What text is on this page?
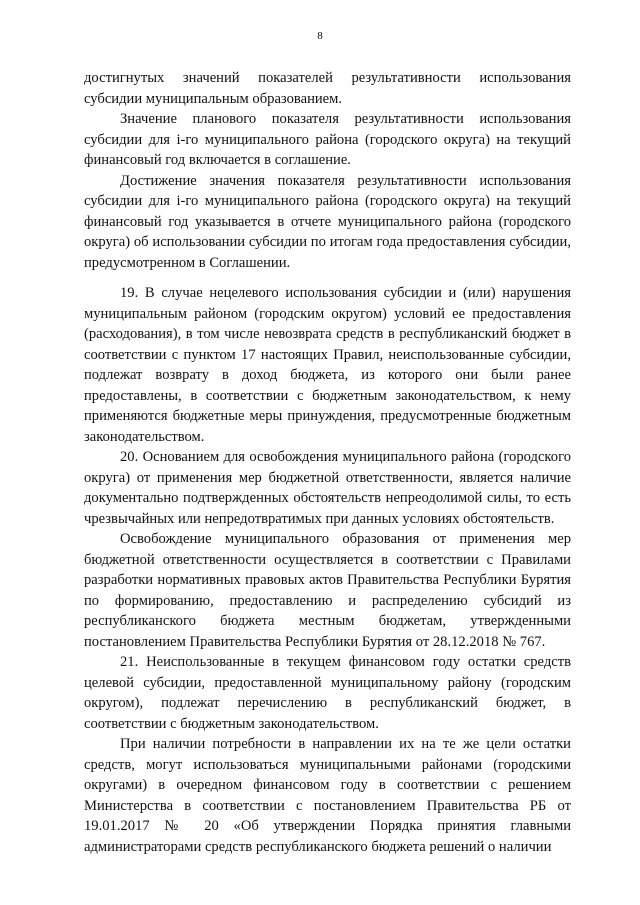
8

достигнутых значений показателей результативности использования субсидии муниципальным образованием.

Значение планового показателя результативности использования субсидии для i-го муниципального района (городского округа) на текущий финансовый год включается в соглашение.

Достижение значения показателя результативности использования субсидии для i-го муниципального района (городского округа) на текущий финансовый год указывается в отчете муниципального района (городского округа) об использовании субсидии по итогам года предоставления субсидии, предусмотренном в Соглашении.

19. В случае нецелевого использования субсидии и (или) нарушения муниципальным районом (городским округом) условий ее предоставления (расходования), в том числе невозврата средств в республиканский бюджет в соответствии с пунктом 17 настоящих Правил, неиспользованные субсидии, подлежат возврату в доход бюджета, из которого они были ранее предоставлены, в соответствии с бюджетным законодательством, к нему применяются бюджетные меры принуждения, предусмотренные бюджетным законодательством.

20. Основанием для освобождения муниципального района (городского округа) от применения мер бюджетной ответственности, является наличие документально подтвержденных обстоятельств непреодолимой силы, то есть чрезвычайных или непредотвратимых при данных условиях обстоятельств.

Освобождение муниципального образования от применения мер бюджетной ответственности осуществляется в соответствии с Правилами разработки нормативных правовых актов Правительства Республики Бурятия по формированию, предоставлению и распределению субсидий из республиканского бюджета местным бюджетам, утвержденными постановлением Правительства Республики Бурятия от 28.12.2018 № 767.

21. Неиспользованные в текущем финансовом году остатки средств целевой субсидии, предоставленной муниципальному району (городским округом), подлежат перечислению в республиканский бюджет, в соответствии с бюджетным законодательством.

При наличии потребности в направлении их на те же цели остатки средств, могут использоваться муниципальными районами (городскими округами) в очередном финансовом году в соответствии с решением Министерства в соответствии с постановлением Правительства РБ от 19.01.2017 № 20 «Об утверждении Порядка принятия главными администраторами средств республиканского бюджета решений о наличии
